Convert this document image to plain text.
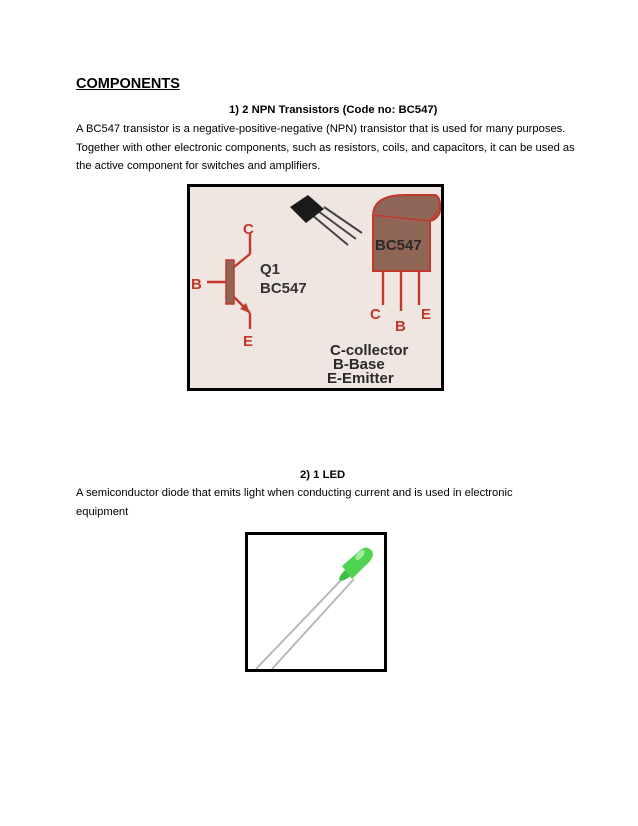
COMPONENTS
1) 2 NPN Transistors (Code no: BC547)
A BC547 transistor is a negative-positive-negative (NPN) transistor that is used for many purposes. Together with other electronic components, such as resistors, coils, and capacitors, it can be used as the active component for switches and amplifiers.
C
B
E
Q1
BC547
BC547
C
B
E
C-collector
B-Base
E-Emitter
2) 1 LED
A semiconductor diode that emits light when conducting current and is used in electronic equipment
